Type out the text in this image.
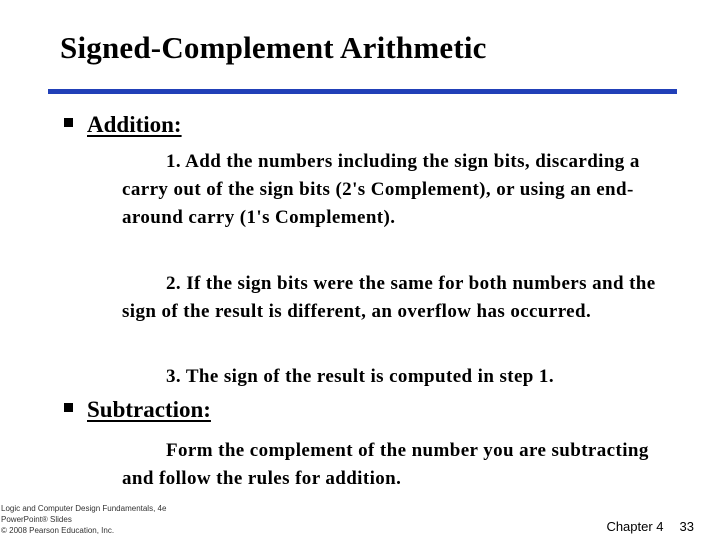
Signed-Complement Arithmetic
Addition:
1. Add the numbers including the sign bits, discarding a carry out of the sign bits (2's Complement), or using an end-around carry (1's Complement).
2. If the sign bits were the same for both numbers and the sign of the result is different, an overflow has occurred.
3. The sign of the result is computed in step 1.
Subtraction:
Form the complement of the number you are subtracting and follow the rules for addition.
Logic and Computer Design Fundamentals, 4e
PowerPoint® Slides
© 2008 Pearson Education, Inc.	Chapter 4 33
